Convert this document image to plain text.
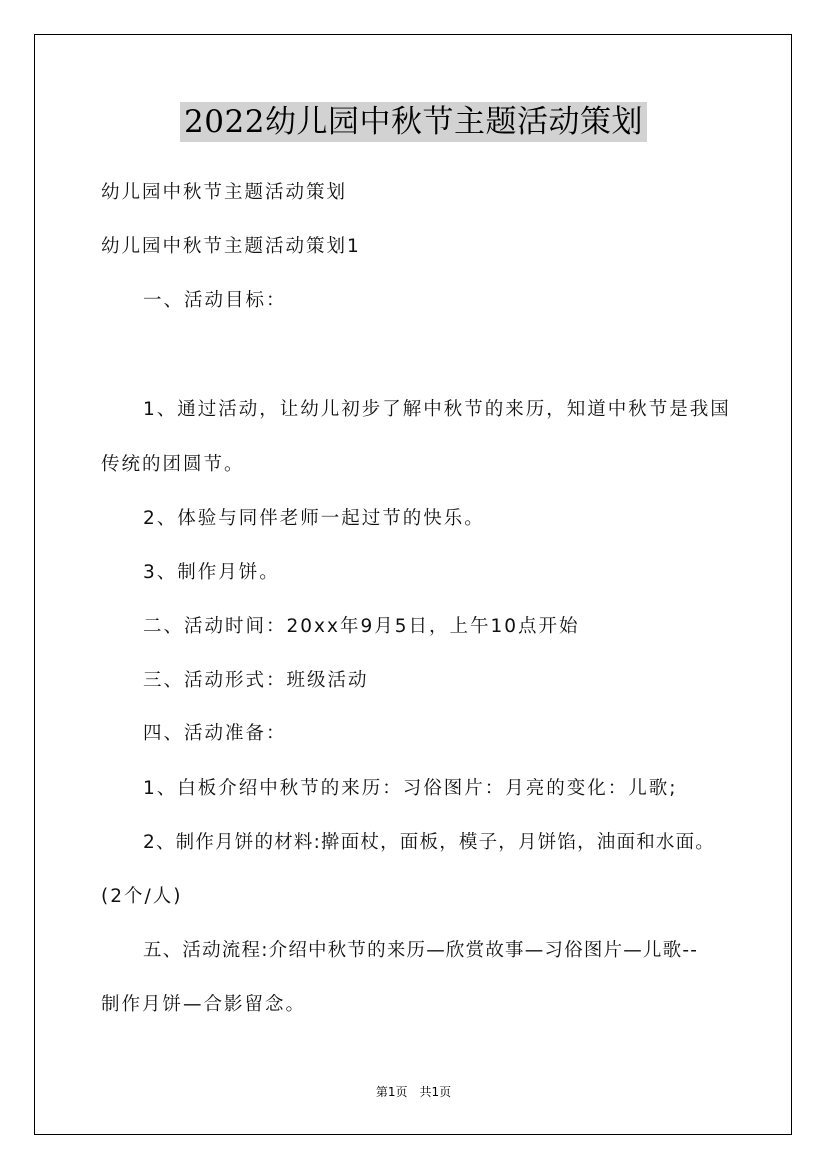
2022幼儿园中秋节主题活动策划
幼儿园中秋节主题活动策划
幼儿园中秋节主题活动策划1
一、活动目标：
1、通过活动，让幼儿初步了解中秋节的来历，知道中秋节是我国
传统的团圆节。
2、体验与同伴老师一起过节的快乐。
3、制作月饼。
二、活动时间：20xx年9月5日，上午10点开始
三、活动形式：班级活动
四、活动准备：
1、白板介绍中秋节的来历：习俗图片：月亮的变化：儿歌;
2、制作月饼的材料:擀面杖，面板，模子，月饼馅，油面和水面。
(2个/人)
五、活动流程:介绍中秋节的来历—欣赏故事—习俗图片—儿歌--
制作月饼—合影留念。
第1页 共1页
